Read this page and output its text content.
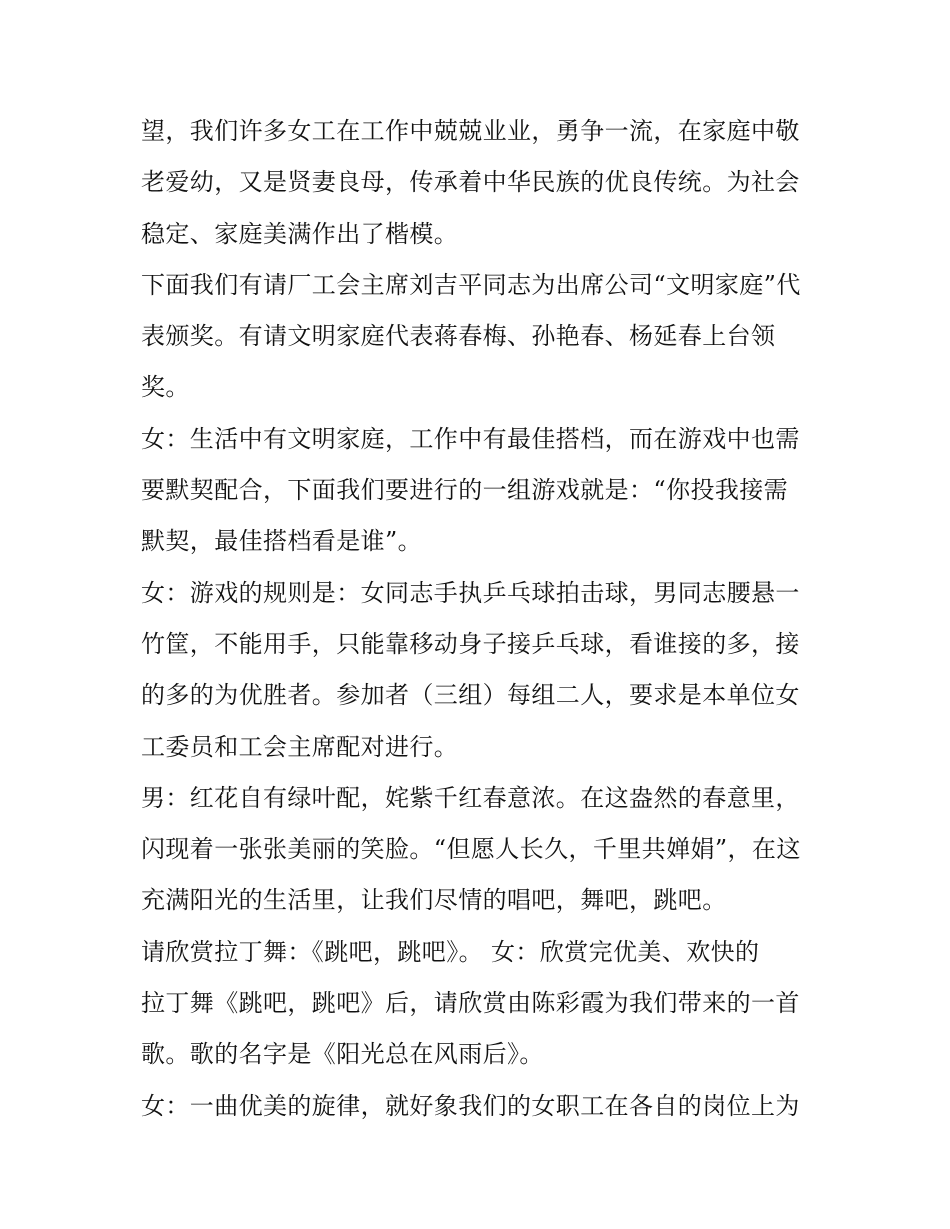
望，我们许多女工在工作中兢兢业业，勇争一流，在家庭中敬
老爱幼，又是贤妻良母，传承着中华民族的优良传统。为社会
稳定、家庭美满作出了楷模。
下面我们有请厂工会主席刘吉平同志为出席公司“文明家庭”代
表颁奖。有请文明家庭代表蒋春梅、孙艳春、杨延春上台领
奖。
女：生活中有文明家庭，工作中有最佳搭档，而在游戏中也需
要默契配合，下面我们要进行的一组游戏就是：“你投我接需
默契，最佳搭档看是谁”。
女：游戏的规则是：女同志手执乒乓球拍击球，男同志腰悬一
竹筐，不能用手，只能靠移动身子接乒乓球，看谁接的多，接
的多的为优胜者。参加者（三组）每组二人，要求是本单位女
工委员和工会主席配对进行。
男：红花自有绿叶配，姹紫千红春意浓。在这盎然的春意里，
闪现着一张张美丽的笑脸。“但愿人长久，千里共婵娟”，在这
充满阳光的生活里，让我们尽情的唱吧，舞吧，跳吧。
请欣赏拉丁舞：《跳吧，跳吧》。 女：欣赏完优美、欢快的
拉丁舞《跳吧，跳吧》后，请欣赏由陈彩霞为我们带来的一首
歌。歌的名字是《阳光总在风雨后》。
女：一曲优美的旋律，就好象我们的女职工在各自的岗位上为
